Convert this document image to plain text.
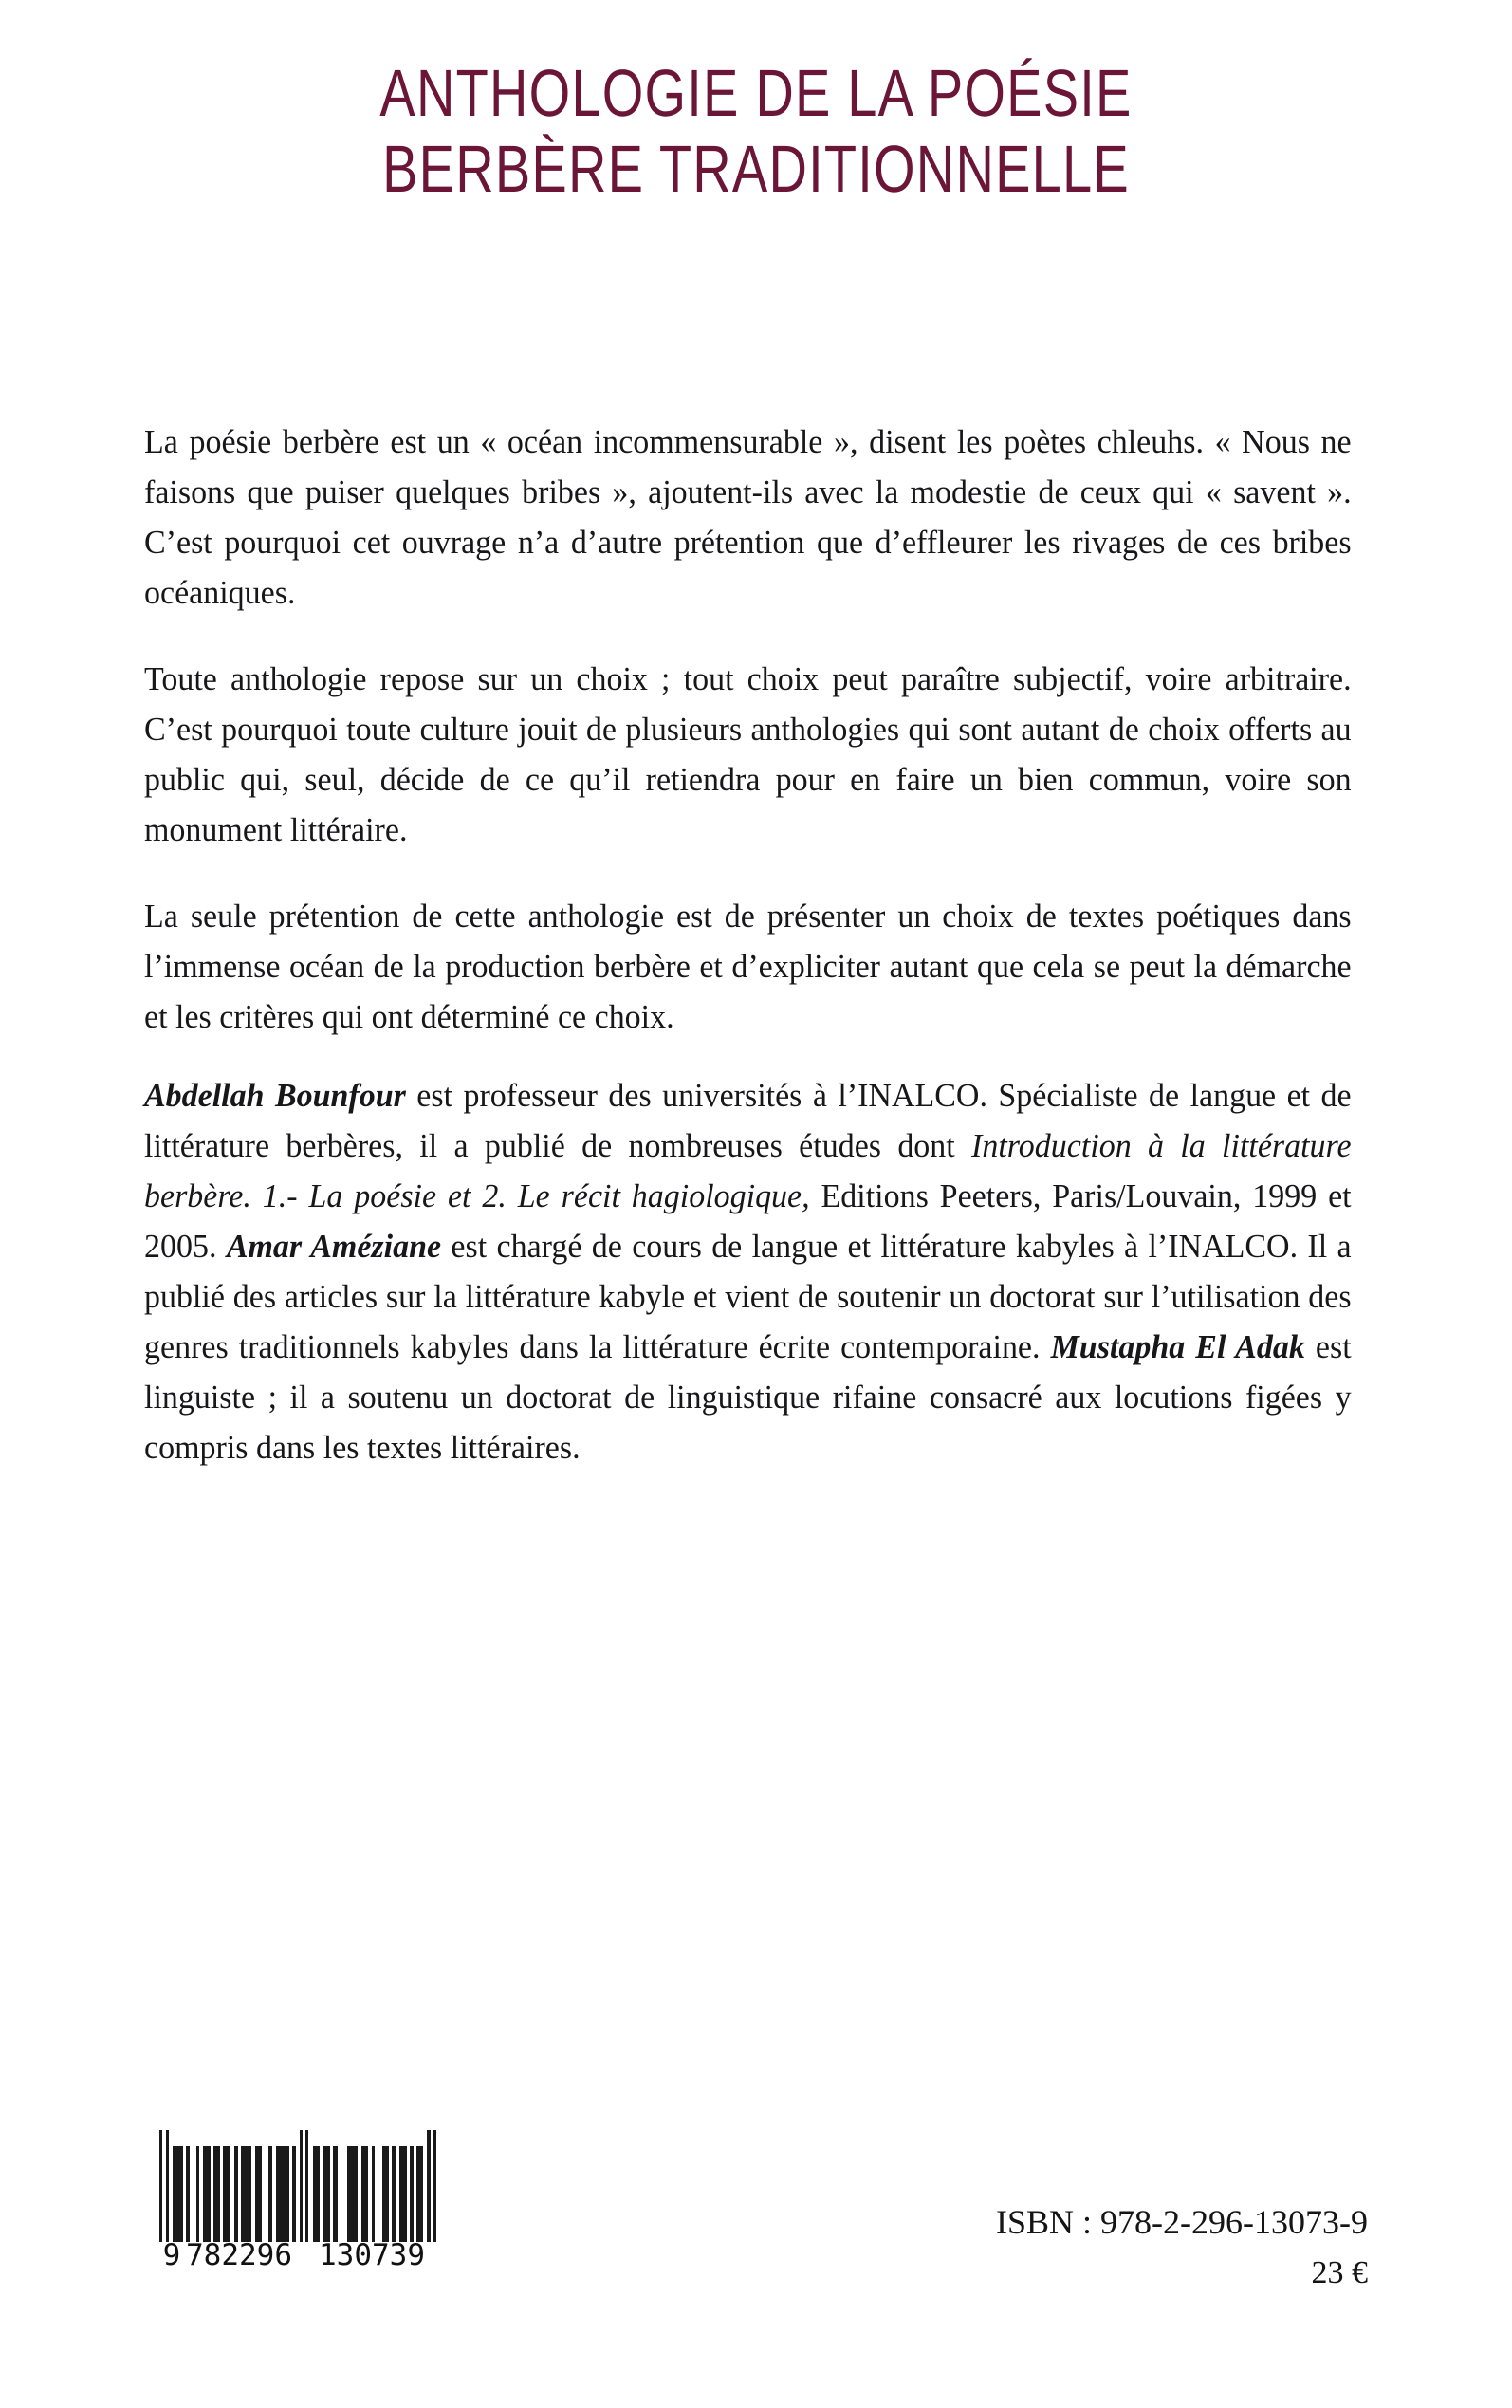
ANTHOLOGIE DE LA POÉSIE
BERBÈRE TRADITIONNELLE

La poésie berbère est un « océan incommensurable », disent les poètes chleuhs. « Nous ne faisons que puiser quelques bribes », ajoutent-ils avec la modestie de ceux qui « savent ». C’est pourquoi cet ouvrage n’a d’autre prétention que d’effleurer les rivages de ces bribes océaniques.

Toute anthologie repose sur un choix ; tout choix peut paraître subjectif, voire arbitraire. C’est pourquoi toute culture jouit de plusieurs anthologies qui sont autant de choix offerts au public qui, seul, décide de ce qu’il retiendra pour en faire un bien commun, voire son monument littéraire.

La seule prétention de cette anthologie est de présenter un choix de textes poétiques dans l’immense océan de la production berbère et d’expliciter autant que cela se peut la démarche et les critères qui ont déterminé ce choix.

Abdellah Bounfour est professeur des universités à l’INALCO. Spécialiste de langue et de littérature berbères, il a publié de nombreuses études dont Introduction à la littérature berbère. 1.- La poésie et 2. Le récit hagiologique, Editions Peeters, Paris/Louvain, 1999 et 2005. Amar Améziane est chargé de cours de langue et littérature kabyles à l’INALCO. Il a publié des articles sur la littérature kabyle et vient de soutenir un doctorat sur l’utilisation des genres traditionnels kabyles dans la littérature écrite contemporaine. Mustapha El Adak est linguiste ; il a soutenu un doctorat de linguistique rifaine consacré aux locutions figées y compris dans les textes littéraires.

9 782296 130739
ISBN : 978-2-296-13073-9
23 €
